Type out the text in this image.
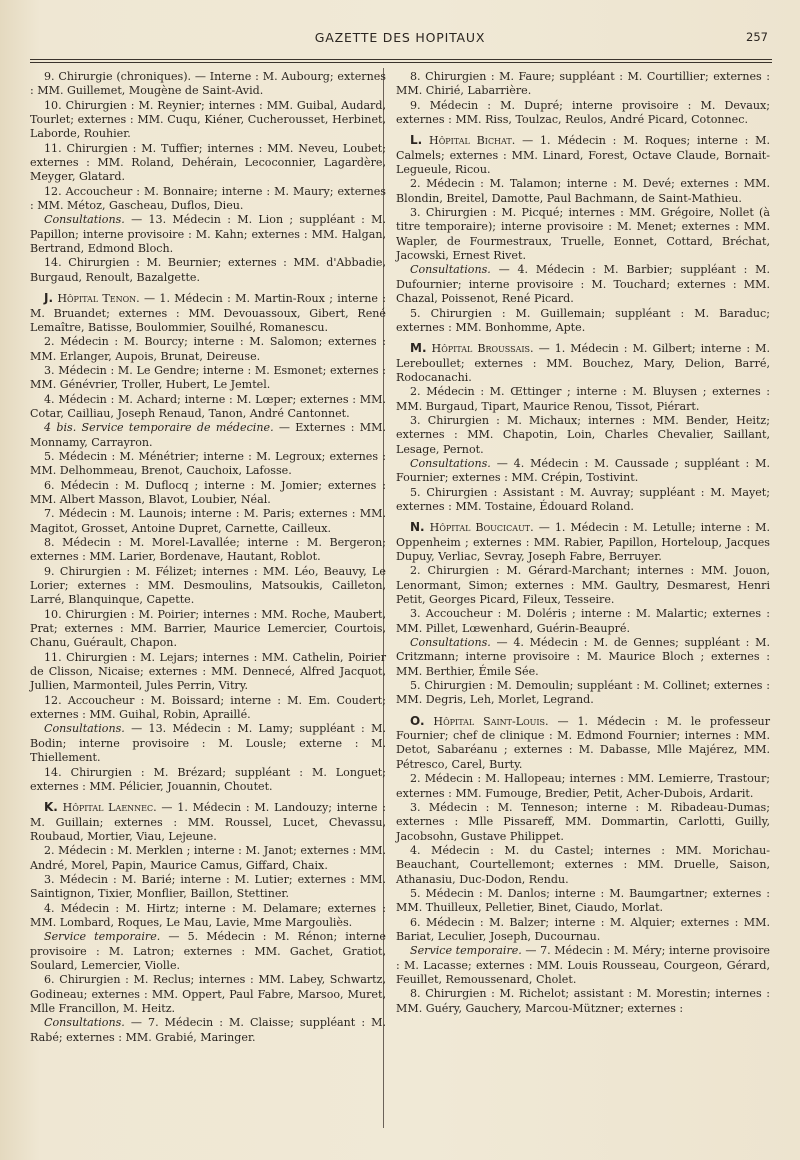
GAZETTE DES HOPITAUX	257

9. Chirurgie (chroniques). — Interne : M. Aubourg; externes : MM. Guillemet, Mougène de Saint-Avid.

10. Chirurgien : M. Reynier; internes : MM. Guibal, Audard, Tourlet; externes : MM. Cuqu, Kiéner, Cucherousset, Herbinet, Laborde, Rouhier.

11. Chirurgien : M. Tuffier; internes : MM. Neveu, Loubet; externes : MM. Roland, Dehérain, Lecoconnier, Lagardère, Meyger, Glatard.

12. Accoucheur : M. Bonnaire; interne : M. Maury; externes : MM. Métoz, Gascheau, Duflos, Dieu.

Consultations. — 13. Médecin : M. Lion ; suppléant : M. Papillon; interne provisoire : M. Kahn; externes : MM. Halgan, Bertrand, Edmond Bloch.

14. Chirurgien : M. Beurnier; externes : MM. d'Abbadie, Burgaud, Renoult, Bazalgette.

J. Hôpital Tenon. — 1. Médecin : M. Martin-Roux ; interne : M. Bruandet; externes : MM. Devouassoux, Gibert, René Lemaître, Batisse, Boulommier, Souilhé, Romanescu.

2. Médecin : M. Bourcy; interne : M. Salomon; externes : MM. Erlanger, Aupois, Brunat, Deireuse.

3. Médecin : M. Le Gendre; interne : M. Esmonet; externes : MM. Génévrier, Troller, Hubert, Le Jemtel.

4. Médecin : M. Achard; interne : M. Lœper; externes : MM. Cotar, Cailliau, Joseph Renaud, Tanon, André Cantonnet.

4 bis. Service temporaire de médecine. — Externes : MM. Monnamy, Carrayron.

5. Médecin : M. Ménétrier; interne : M. Legroux; externes : MM. Delhommeau, Brenot, Cauchoix, Lafosse.

6. Médecin : M. Duflocq ; interne : M. Jomier; externes : MM. Albert Masson, Blavot, Loubier, Néal.

7. Médecin : M. Launois; interne : M. Paris; externes : MM. Magitot, Grosset, Antoine Dupret, Carnette, Cailleux.

8. Médecin : M. Morel-Lavallée; interne : M. Bergeron; externes : MM. Larier, Bordenave, Hautant, Roblot.

9. Chirurgien : M. Félizet; internes : MM. Léo, Beauvy, Le Lorier; externes : MM. Desmoulins, Matsoukis, Cailleton, Larré, Blanquinque, Capette.

10. Chirurgien : M. Poirier; internes : MM. Roche, Maubert, Prat; externes : MM. Barrier, Maurice Lemercier, Courtois, Chanu, Guérault, Chapon.

11. Chirurgien : M. Lejars; internes : MM. Cathelin, Poirier de Clisson, Nicaise; externes : MM. Dennecé, Alfred Jacquot, Jullien, Marmonteil, Jules Perrin, Vitry.

12. Accoucheur : M. Boissard; interne : M. Em. Coudert; externes : MM. Guihal, Robin, Apraillé.

Consultations. — 13. Médecin : M. Lamy; suppléant : M. Bodin; interne provisoire : M. Lousle; externe : M. Thiellement.

14. Chirurgien : M. Brézard; suppléant : M. Longuet; externes : MM. Pélicier, Jouannin, Choutet.

K. Hôpital Laennec. — 1. Médecin : M. Landouzy; interne : M. Guillain; externes : MM. Roussel, Lucet, Chevassu, Roubaud, Mortier, Viau, Lejeune.

2. Médecin : M. Merklen ; interne : M. Janot; externes : MM. André, Morel, Papin, Maurice Camus, Giffard, Chaix.

3. Médecin : M. Barié; interne : M. Lutier; externes : MM. Saintignon, Tixier, Monflier, Baillon, Stettiner.

4. Médecin : M. Hirtz; interne : M. Delamare; externes : MM. Lombard, Roques, Le Mau, Lavie, Mme Margouliès.

Service temporaire. — 5. Médecin : M. Rénon; interne provisoire : M. Latron; externes : MM. Gachet, Gratiot, Soulard, Lemercier, Violle.

6. Chirurgien : M. Reclus; internes : MM. Labey, Schwartz, Godineau; externes : MM. Oppert, Paul Fabre, Marsoo, Muret, Mlle Francillon, M. Heitz.

Consultations. — 7. Médecin : M. Claisse; suppléant : M. Rabé; externes : MM. Grabié, Maringer.

8. Chirurgien : M. Faure; suppléant : M. Courtillier; externes : MM. Chirié, Labarrière.

9. Médecin : M. Dupré; interne provisoire : M. Devaux; externes : MM. Riss, Toulzac, Reulos, André Picard, Cotonnec.

L. Hôpital Bichat. — 1. Médecin : M. Roques; interne : M. Calmels; externes : MM. Linard, Forest, Octave Claude, Bornait-Legueule, Ricou.

2. Médecin : M. Talamon; interne : M. Devé; externes : MM. Blondin, Breitel, Damotte, Paul Bachmann, de Saint-Mathieu.

3. Chirurgien : M. Picqué; internes : MM. Grégoire, Nollet (à titre temporaire); interne provisoire : M. Menet; externes : MM. Wapler, de Fourmestraux, Truelle, Eonnet, Cottard, Bréchat, Jacowski, Ernest Rivet.

Consultations. — 4. Médecin : M. Barbier; suppléant : M. Dufournier; interne provisoire : M. Touchard; externes : MM. Chazal, Poissenot, René Picard.

5. Chirurgien : M. Guillemain; suppléant : M. Baraduc; externes : MM. Bonhomme, Apte.

M. Hôpital Broussais. — 1. Médecin : M. Gilbert; interne : M. Lereboullet; externes : MM. Bouchez, Mary, Delion, Barré, Rodocanachi.

2. Médecin : M. Œttinger ; interne : M. Bluysen ; externes : MM. Burgaud, Tipart, Maurice Renou, Tissot, Piérart.

3. Chirurgien : M. Michaux; internes : MM. Bender, Heitz; externes : MM. Chapotin, Loin, Charles Chevalier, Saillant, Lesage, Pernot.

Consultations. — 4. Médecin : M. Caussade ; suppléant : M. Fournier; externes : MM. Crépin, Tostivint.

5. Chirurgien : Assistant : M. Auvray; suppléant : M. Mayet; externes : MM. Tostaine, Édouard Roland.

N. Hôpital Boucicaut. — 1. Médecin : M. Letulle; interne : M. Oppenheim ; externes : MM. Rabier, Papillon, Horteloup, Jacques Dupuy, Verliac, Sevray, Joseph Fabre, Berruyer.

2. Chirurgien : M. Gérard-Marchant; internes : MM. Jouon, Lenormant, Simon; externes : MM. Gaultry, Desmarest, Henri Petit, Georges Picard, Fileux, Tesseire.

3. Accoucheur : M. Doléris ; interne : M. Malartic; externes : MM. Pillet, Lœwenhard, Guérin-Beaupré.

Consultations. — 4. Médecin : M. de Gennes; suppléant : M. Critzmann; interne provisoire : M. Maurice Bloch ; externes : MM. Berthier, Émile Sée.

5. Chirurgien : M. Demoulin; suppléant : M. Collinet; externes : MM. Degris, Leh, Morlet, Legrand.

O. Hôpital Saint-Louis. — 1. Médecin : M. le professeur Fournier; chef de clinique : M. Edmond Fournier; internes : MM. Detot, Sabaréanu ; externes : M. Dabasse, Mlle Majérez, MM. Pétresco, Carel, Burty.

2. Médecin : M. Hallopeau; internes : MM. Lemierre, Trastour; externes : MM. Fumouge, Bredier, Petit, Acher-Dubois, Ardarit.

3. Médecin : M. Tenneson; interne : M. Ribadeau-Dumas; externes : Mlle Pissareff, MM. Dommartin, Carlotti, Guilly, Jacobsohn, Gustave Philippet.

4. Médecin : M. du Castel; internes : MM. Morichau-Beauchant, Courtellemont; externes : MM. Druelle, Saison, Athanasiu, Duc-Dodon, Rendu.

5. Médecin : M. Danlos; interne : M. Baumgartner; externes : MM. Thuilleux, Pelletier, Binet, Ciaudo, Morlat.

6. Médecin : M. Balzer; interne : M. Alquier; externes : MM. Bariat, Leculier, Joseph, Ducournau.

Service temporaire. — 7. Médecin : M. Méry; interne provisoire : M. Lacasse; externes : MM. Louis Rousseau, Courgeon, Gérard, Feuillet, Remoussenard, Cholet.

8. Chirurgien : M. Richelot; assistant : M. Morestin; internes : MM. Guéry, Gauchery, Marcou-Mützner; externes :
